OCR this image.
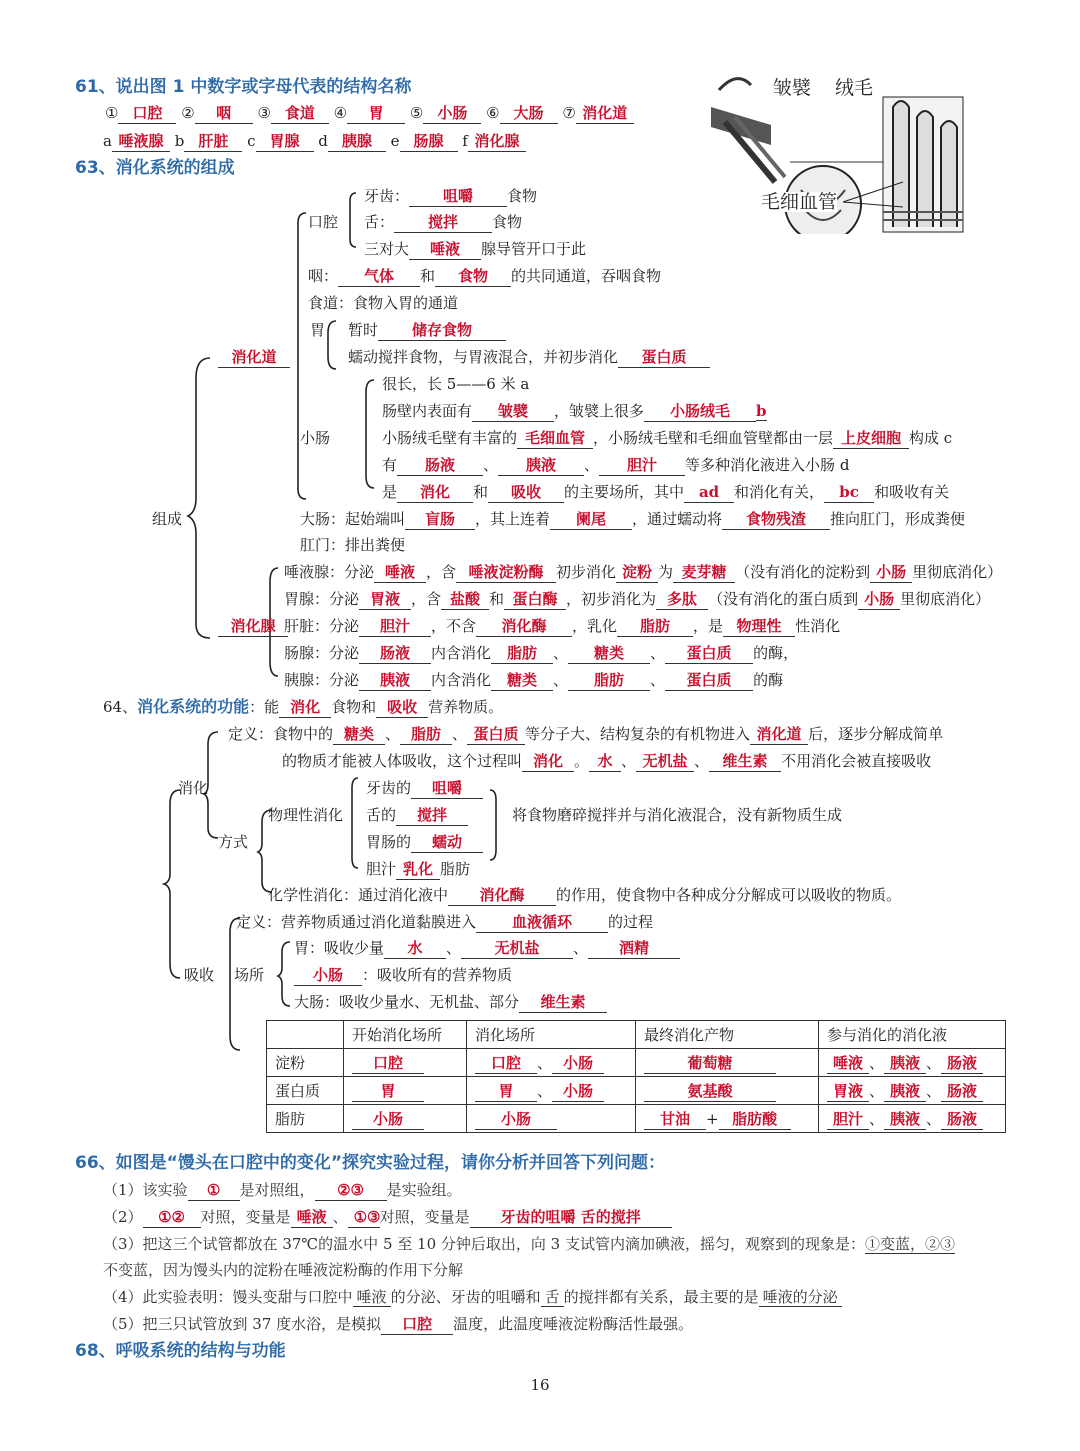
61、说出图 1 中数字或字母代表的结构名称
① 口腔 ② 咽 ③ 食道 ④ 胃 ⑤ 小肠 ⑥ 大肠 ⑦ 消化道
a 唾液腺 b 肝脏 c 胃腺 d 胰腺 e 肠腺 f 消化腺
皱襞 绒毛
毛细血管
63、消化系统的组成
口腔
牙齿： 咀嚼 食物
舌： 搅拌 食物
三对大 唾液 腺导管开口于此
咽： 气体 和 食物 的共同通道，吞咽食物
食道：食物入胃的通道
消化道
胃 暂时 储存食物
蠕动搅拌食物，与胃液混合，并初步消化 蛋白质
小肠
很长，长 5——6 米 a
肠壁内表面有 皱襞 ，皱襞上很多 小肠绒毛 b
小肠绒毛壁有丰富的 毛细血管 ，小肠绒毛壁和毛细血管壁都由一层 上皮细胞 构成 c
有 肠液 、 胰液 、 胆汁 等多种消化液进入小肠 d
是 消化 和 吸收 的主要场所，其中 ad 和消化有关， bc 和吸收有关
大肠：起始端叫 盲肠 ，其上连着 阑尾 ，通过蠕动将 食物残渣 推向肛门，形成粪便
肛门：排出粪便
组成
消化腺
唾液腺：分泌 唾液 ，含 唾液淀粉酶 初步消化 淀粉 为 麦芽糖 （没有消化的淀粉到 小肠 里彻底消化）
胃腺：分泌 胃液 ，含 盐酸 和 蛋白酶 ，初步消化为 多肽 （没有消化的蛋白质到 小肠 里彻底消化）
肝脏：分泌 胆汁 ，不含 消化酶 ，乳化 脂肪 ，是 物理性 性消化
肠腺：分泌 肠液 内含消化 脂肪 、 糖类 、 蛋白质 的酶，
胰腺：分泌 胰液 内含消化 糖类 、 脂肪 、 蛋白质 的酶
64、消化系统的功能：能 消化 食物和 吸收 营养物质。
消化
定义：食物中的 糖类 、 脂肪 、 蛋白质 等分子大、结构复杂的有机物进入 消化道 后，逐步分解成简单
的物质才能被人体吸收，这个过程叫 消化 。 水 、 无机盐 、 维生素 不用消化会被直接吸收
方式
物理性消化
牙齿的 咀嚼
舌的 搅拌
胃肠的 蠕动
胆汁 乳化 脂肪
将食物磨碎搅拌并与消化液混合，没有新物质生成
化学性消化：通过消化液中 消化酶 的作用，使食物中各种成分分解成可以吸收的物质。
吸收
定义：营养物质通过消化道黏膜进入 血液循环 的过程
场所
胃：吸收少量 水 、 无机盐 、 酒精
小肠 ：吸收所有的营养物质
大肠：吸收少量水、无机盐、部分 维生素
	开始消化场所	消化场所	最终消化产物	参与消化的消化液
淀粉	口腔	口腔 、 小肠	葡萄糖	唾液 、 胰液 、 肠液
蛋白质	胃	胃 、 小肠	氨基酸	胃液 、 胰液 、 肠液
脂肪	小肠	小肠	甘油 + 脂肪酸	胆汁 、 胰液 、 肠液
66、如图是“馒头在口腔中的变化”探究实验过程，请你分析并回答下列问题：
（1）该实验 ① 是对照组， ②③ 是实验组。
（2） ①② 对照，变量是 唾液 、 ①③对照，变量是 牙齿的咀嚼 舌的搅拌
（3）把这三个试管都放在 37℃的温水中 5 至 10 分钟后取出，向 3 支试管内滴加碘液，摇匀，观察到的现象是：①变蓝，②③
不变蓝，因为馒头内的淀粉在唾液淀粉酶的作用下分解
（4）此实验表明：馒头变甜与口腔中 唾液 的分泌、牙齿的咀嚼和 舌 的搅拌都有关系，最主要的是 唾液的分泌
（5）把三只试管放到 37 度水浴，是模拟 口腔 温度，此温度唾液淀粉酶活性最强。
68、呼吸系统的结构与功能
16
